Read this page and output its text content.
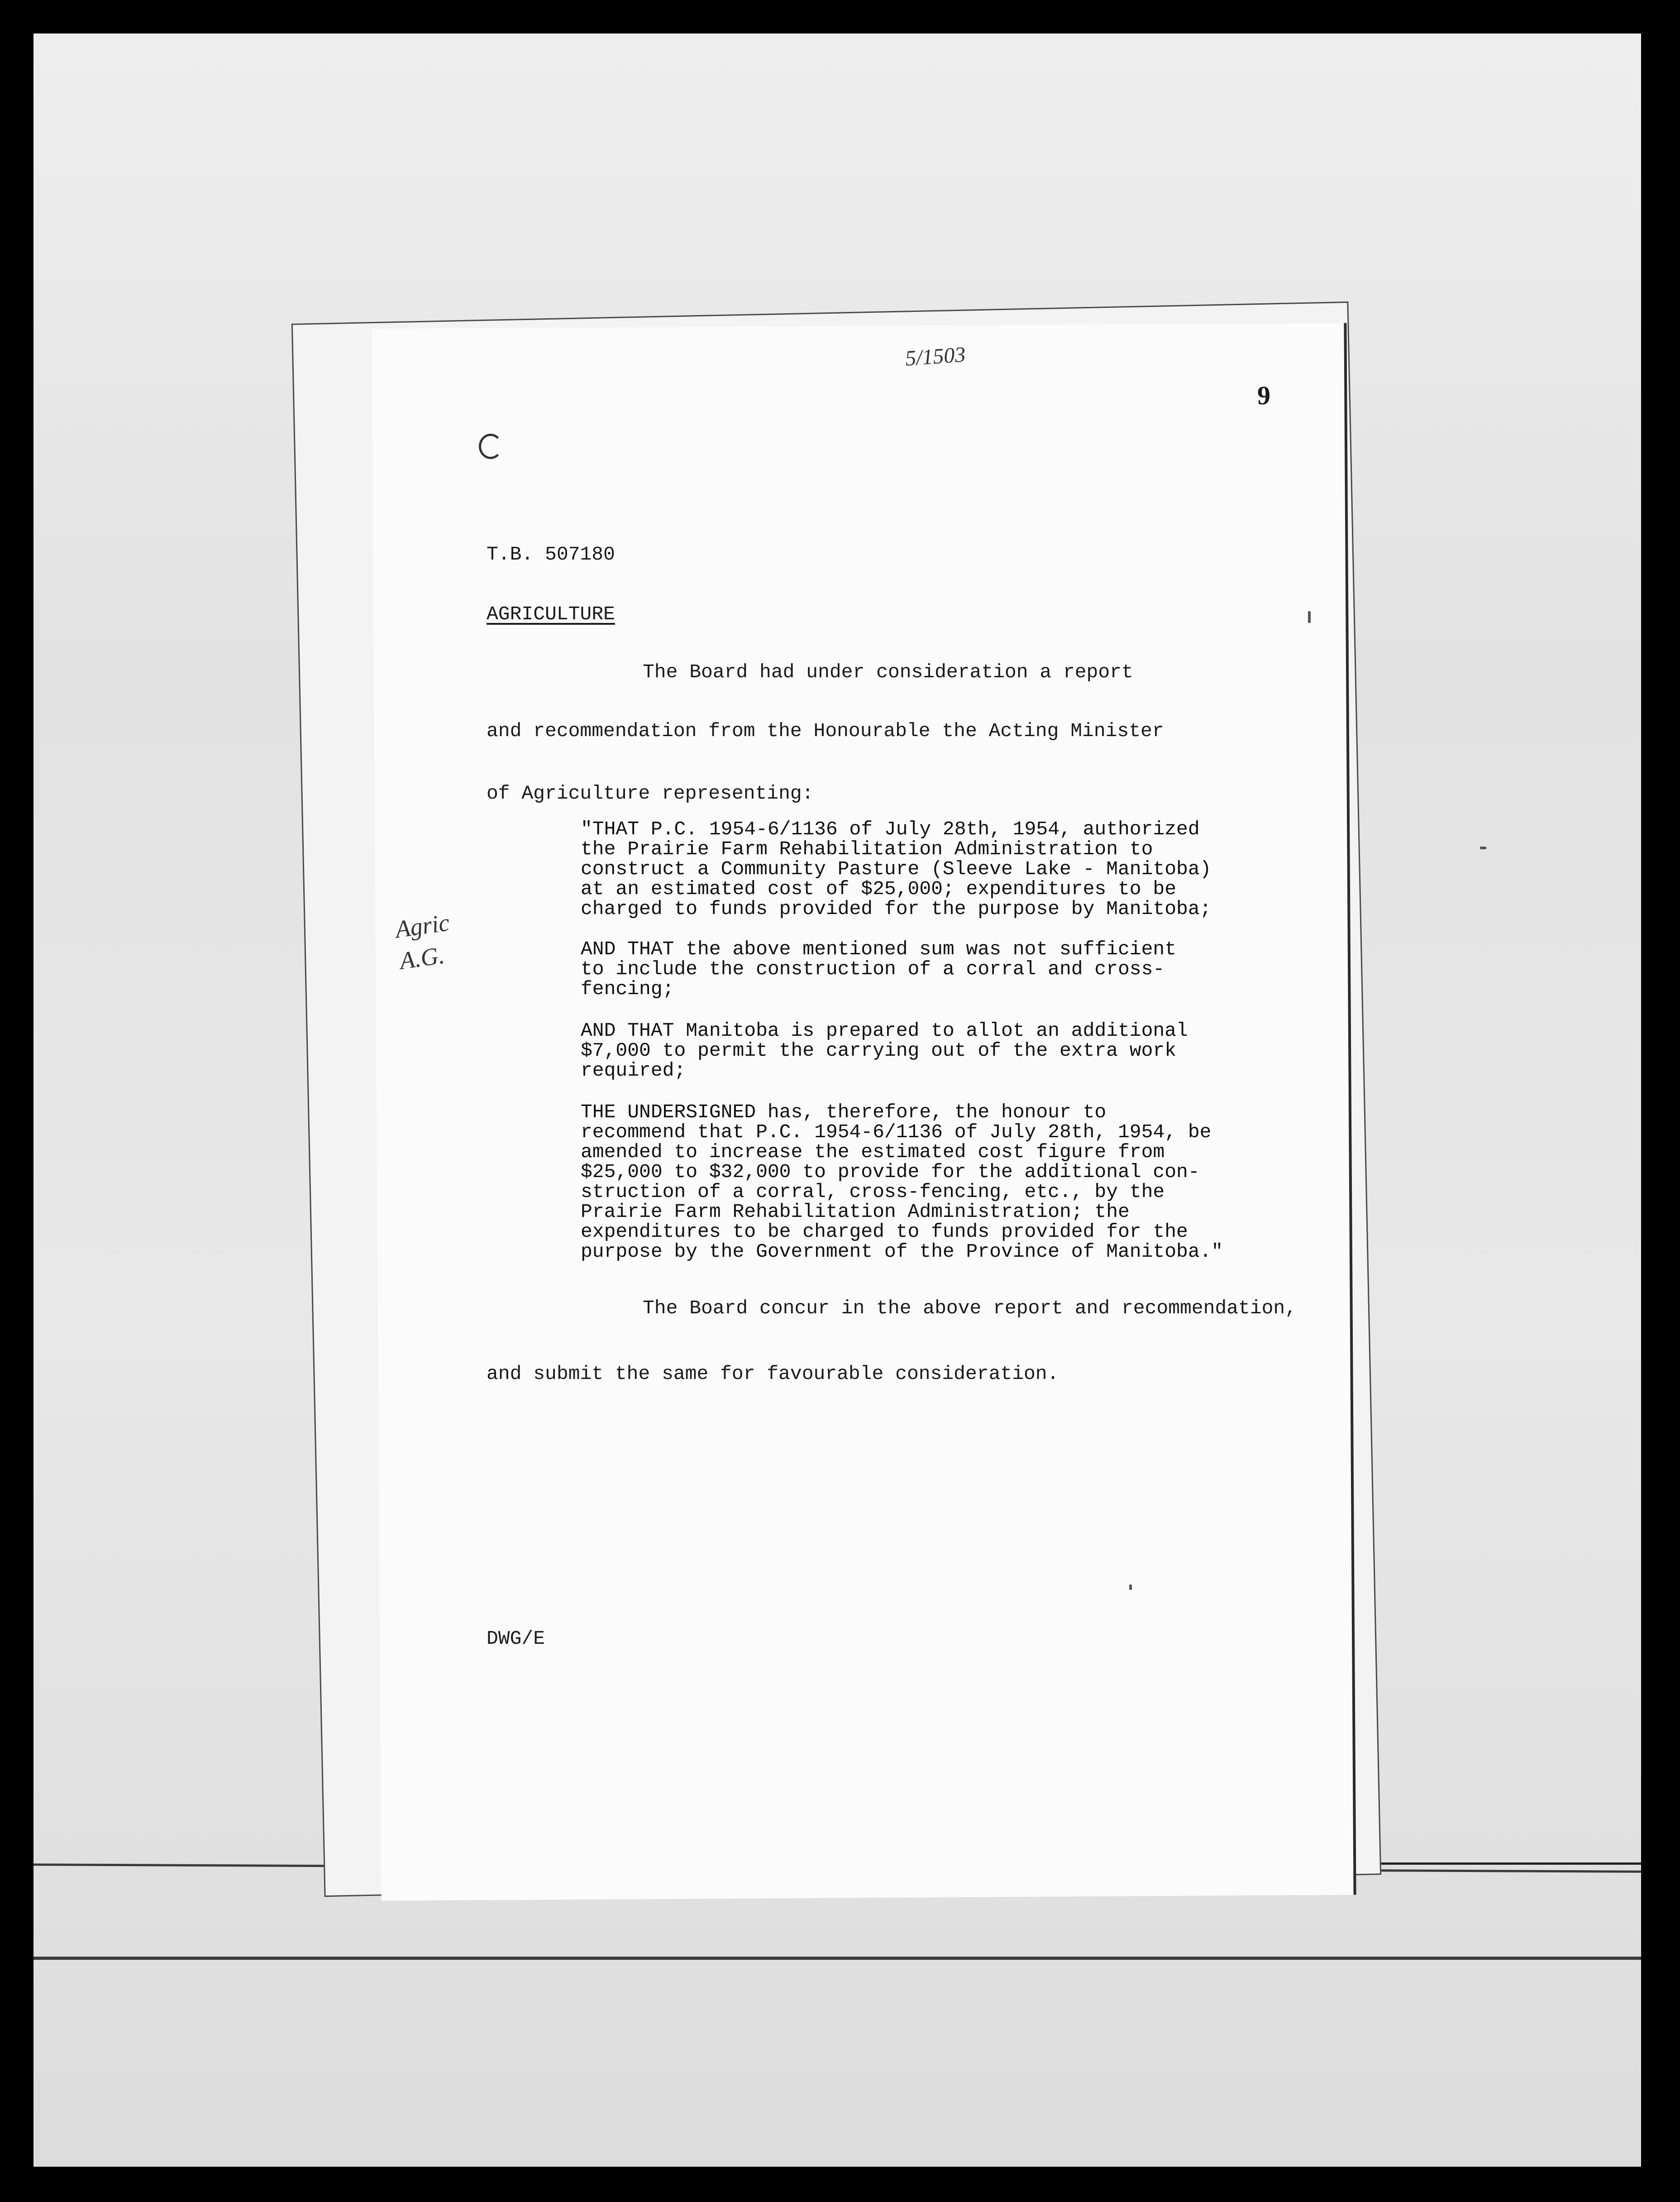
5/1503
9
T.B. 507180
AGRICULTURE
The Board had under consideration a report
and recommendation from the Honourable the Acting Minister
of Agriculture representing:
Agric
A.G.
"THAT P.C. 1954-6/1136 of July 28th, 1954, authorized
the Prairie Farm Rehabilitation Administration to
construct a Community Pasture (Sleeve Lake - Manitoba)
at an estimated cost of $25,000; expenditures to be
charged to funds provided for the purpose by Manitoba;
AND THAT the above mentioned sum was not sufficient
to include the construction of a corral and cross-
fencing;
AND THAT Manitoba is prepared to allot an additional
$7,000 to permit the carrying out of the extra work
required;
THE UNDERSIGNED has, therefore, the honour to
recommend that P.C. 1954-6/1136 of July 28th, 1954, be
amended to increase the estimated cost figure from
$25,000 to $32,000 to provide for the additional con-
struction of a corral, cross-fencing, etc., by the
Prairie Farm Rehabilitation Administration; the
expenditures to be charged to funds provided for the
purpose by the Government of the Province of Manitoba."
The Board concur in the above report and recommendation,
and submit the same for favourable consideration.
DWG/E
